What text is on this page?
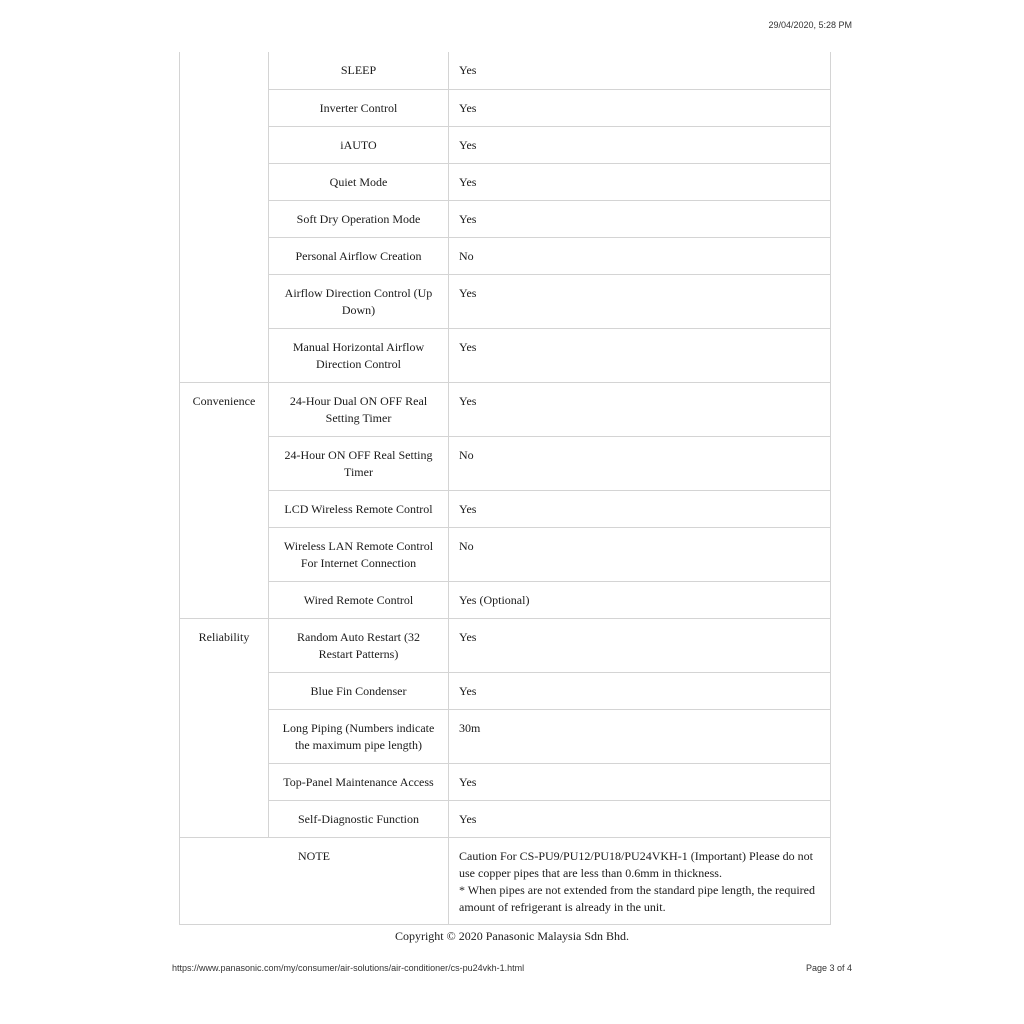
29/04/2020, 5:28 PM
	SLEEP	Yes
	Inverter Control	Yes
	iAUTO	Yes
	Quiet Mode	Yes
	Soft Dry Operation Mode	Yes
	Personal Airflow Creation	No
	Airflow Direction Control (Up Down)	Yes
	Manual Horizontal Airflow Direction Control	Yes
Convenience	24-Hour Dual ON OFF Real Setting Timer	Yes
	24-Hour ON OFF Real Setting Timer	No
	LCD Wireless Remote Control	Yes
	Wireless LAN Remote Control For Internet Connection	No
	Wired Remote Control	Yes (Optional)
Reliability	Random Auto Restart (32 Restart Patterns)	Yes
	Blue Fin Condenser	Yes
	Long Piping (Numbers indicate the maximum pipe length)	30m
	Top-Panel Maintenance Access	Yes
	Self-Diagnostic Function	Yes
NOTE		Caution For CS-PU9/PU12/PU18/PU24VKH-1 (Important) Please do not use copper pipes that are less than 0.6mm in thickness.
* When pipes are not extended from the standard pipe length, the required amount of refrigerant is already in the unit.
Copyright © 2020 Panasonic Malaysia Sdn Bhd.
https://www.panasonic.com/my/consumer/air-solutions/air-conditioner/cs-pu24vkh-1.html	Page 3 of 4
